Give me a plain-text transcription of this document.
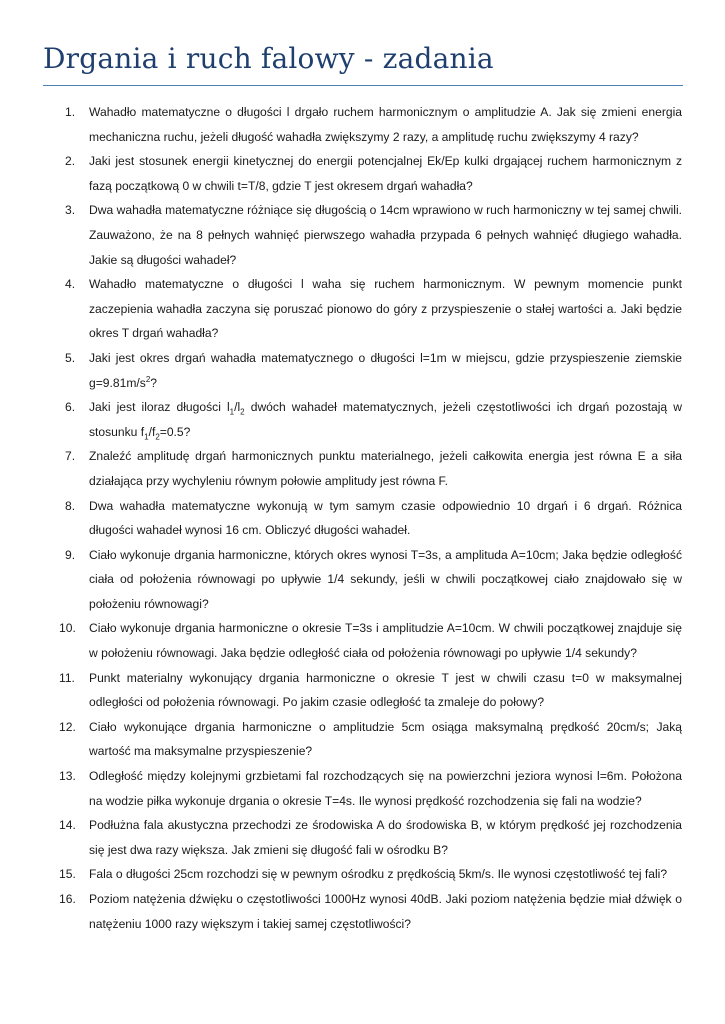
Drgania i ruch falowy - zadania
1. Wahadło matematyczne o długości l drgało ruchem harmonicznym o amplitudzie A. Jak się zmieni energia mechaniczna ruchu, jeżeli długość wahadła zwiększymy 2 razy, a amplitudę ruchu zwiększymy 4 razy?
2. Jaki jest stosunek energii kinetycznej do energii potencjalnej Ek/Ep kulki drgającej ruchem harmonicznym z fazą początkową 0 w chwili t=T/8, gdzie T jest okresem drgań wahadła?
3. Dwa wahadła matematyczne różniące się długością o 14cm wprawiono w ruch harmoniczny w tej samej chwili. Zauważono, że na 8 pełnych wahnięć pierwszego wahadła przypada 6 pełnych wahnięć długiego wahadła. Jakie są długości wahadeł?
4. Wahadło matematyczne o długości l waha się ruchem harmonicznym. W pewnym momencie punkt zaczepienia wahadła zaczyna się poruszać pionowo do góry z przyspieszenie o stałej wartości a. Jaki będzie okres T drgań wahadła?
5. Jaki jest okres drgań wahadła matematycznego o długości l=1m w miejscu, gdzie przyspieszenie ziemskie $g=9.81m/s^2$?
6. Jaki jest iloraz długości $l_1/l_2$ dwóch wahadeł matematycznych, jeżeli częstotliwości ich drgań pozostają w stosunku $f_1/f_2=0.5$?
7. Znaleźć amplitudę drgań harmonicznych punktu materialnego, jeżeli całkowita energia jest równa E a siła działająca przy wychyleniu równym połowie amplitudy jest równa F.
8. Dwa wahadła matematyczne wykonują w tym samym czasie odpowiednio 10 drgań i 6 drgań. Różnica długości wahadeł wynosi 16 cm. Obliczyć długości wahadeł.
9. Ciało wykonuje drgania harmoniczne, których okres wynosi T=3s, a amplituda A=10cm; Jaka będzie odległość ciała od położenia równowagi po upływie 1/4 sekundy, jeśli w chwili początkowej ciało znajdowało się w położeniu równowagi?
10. Ciało wykonuje drgania harmoniczne o okresie T=3s i amplitudzie A=10cm. W chwili początkowej znajduje się w położeniu równowagi. Jaka będzie odległość ciała od położenia równowagi po upływie 1/4 sekundy?
11. Punkt materialny wykonujący drgania harmoniczne o okresie T jest w chwili czasu t=0 w maksymalnej odległości od położenia równowagi. Po jakim czasie odległość ta zmaleje do połowy?
12. Ciało wykonujące drgania harmoniczne o amplitudzie 5cm osiąga maksymalną prędkość 20cm/s; Jaką wartość ma maksymalne przyspieszenie?
13. Odległość między kolejnymi grzbietami fal rozchodzących się na powierzchni jeziora wynosi l=6m. Położona na wodzie piłka wykonuje drgania o okresie T=4s. Ile wynosi prędkość rozchodzenia się fali na wodzie?
14. Podłużna fala akustyczna przechodzi ze środowiska A do środowiska B, w którym prędkość jej rozchodzenia się jest dwa razy większa. Jak zmieni się długość fali w ośrodku B?
15. Fala o długości 25cm rozchodzi się w pewnym ośrodku z prędkością 5km/s. Ile wynosi częstotliwość tej fali?
16. Poziom natężenia dźwięku o częstotliwości 1000Hz wynosi 40dB. Jaki poziom natężenia będzie miał dźwięk o natężeniu 1000 razy większym i takiej samej częstotliwości?
